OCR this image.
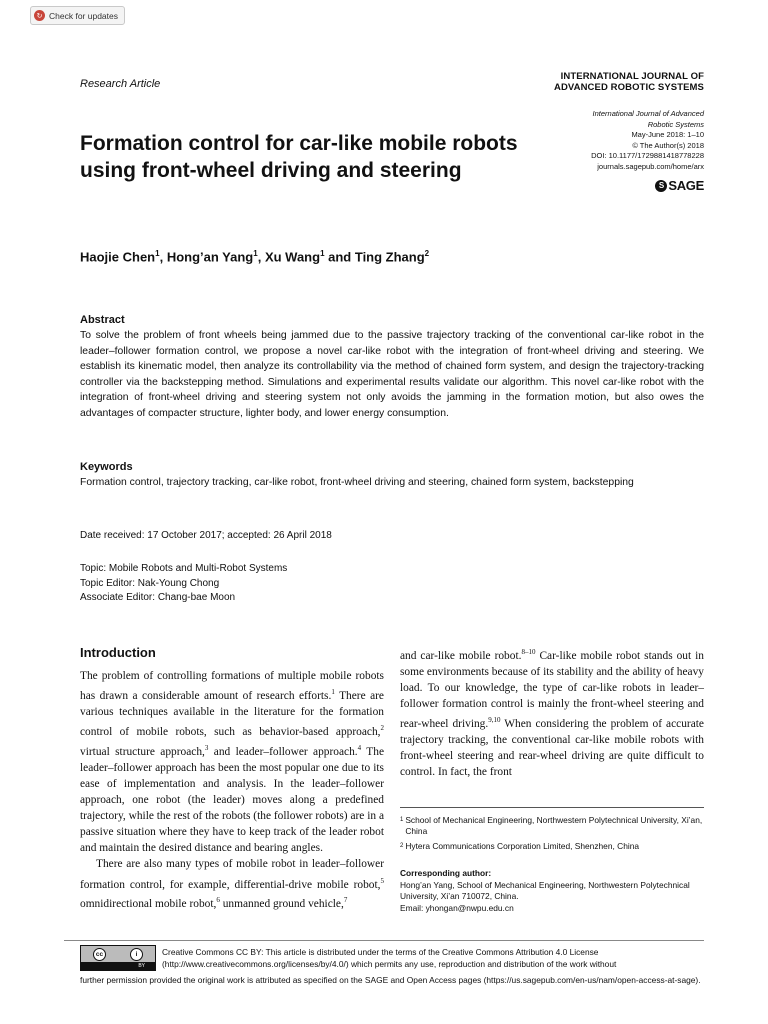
↻ Check for updates
Research Article
INTERNATIONAL JOURNAL OF
ADVANCED ROBOTIC SYSTEMS
International Journal of Advanced
Robotic Systems
May-June 2018: 1–10
© The Author(s) 2018
DOI: 10.1177/1729881418778228
journals.sagepub.com/home/arx
S SAGE
Formation control for car-like mobile robots using front-wheel driving and steering
Haojie Chen$^1$, Hong’an Yang$^1$, Xu Wang$^1$ and Ting Zhang$^2$
Abstract
To solve the problem of front wheels being jammed due to the passive trajectory tracking of the conventional car-like robot in the leader–follower formation control, we propose a novel car-like robot with the integration of front-wheel driving and steering. We establish its kinematic model, then analyze its controllability via the method of chained form system, and design the trajectory-tracking controller via the backstepping method. Simulations and experimental results validate our algorithm. This novel car-like robot with the integration of front-wheel driving and steering system not only avoids the jamming in the formation motion, but also owes the advantages of compacter structure, lighter body, and lower energy consumption.
Keywords
Formation control, trajectory tracking, car-like robot, front-wheel driving and steering, chained form system, backstepping
Date received: 17 October 2017; accepted: 26 April 2018
Topic: Mobile Robots and Multi-Robot Systems
Topic Editor: Nak-Young Chong
Associate Editor: Chang-bae Moon
Introduction

The problem of controlling formations of multiple mobile robots has drawn a considerable amount of research efforts.$^1$ There are various techniques available in the literature for the formation control of mobile robots, such as behavior-based approach,$^2$ virtual structure approach,$^3$ and leader–follower approach.$^4$ The leader–follower approach has been the most popular one due to its ease of implementation and analysis. In the leader–follower approach, one robot (the leader) moves along a predefined trajectory, while the rest of the robots (the follower robots) are in a passive situation where they have to keep track of the leader robot and maintain the desired distance and bearing angles.

There are also many types of mobile robot in leader–follower formation control, for example, differential-drive mobile robot,$^5$ omnidirectional mobile robot,$^6$ unmanned ground vehicle,$^7$

and car-like mobile robot.$^{8-10}$ Car-like mobile robot stands out in some environments because of its stability and the ability of heavy load. To our knowledge, the type of car-like robots in leader–follower formation control is mainly the front-wheel steering and rear-wheel driving.$^{9,10}$ When considering the problem of accurate trajectory tracking, the conventional car-like mobile robots with front-wheel steering and rear-wheel driving are quite difficult to control. In fact, the front

1 School of Mechanical Engineering, Northwestern Polytechnical University, Xi’an, China
2 Hytera Communications Corporation Limited, Shenzhen, China
Corresponding author:
Hong’an Yang, School of Mechanical Engineering, Northwestern Polytechnical University, Xi’an 710072, China.
Email: yhongan@nwpu.edu.cn
cc	i
BY
Creative Commons CC BY: This article is distributed under the terms of the Creative Commons Attribution 4.0 License (http://www.creativecommons.org/licenses/by/4.0/) which permits any use, reproduction and distribution of the work without
further permission provided the original work is attributed as specified on the SAGE and Open Access pages (https://us.sagepub.com/en-us/nam/open-access-at-sage).
